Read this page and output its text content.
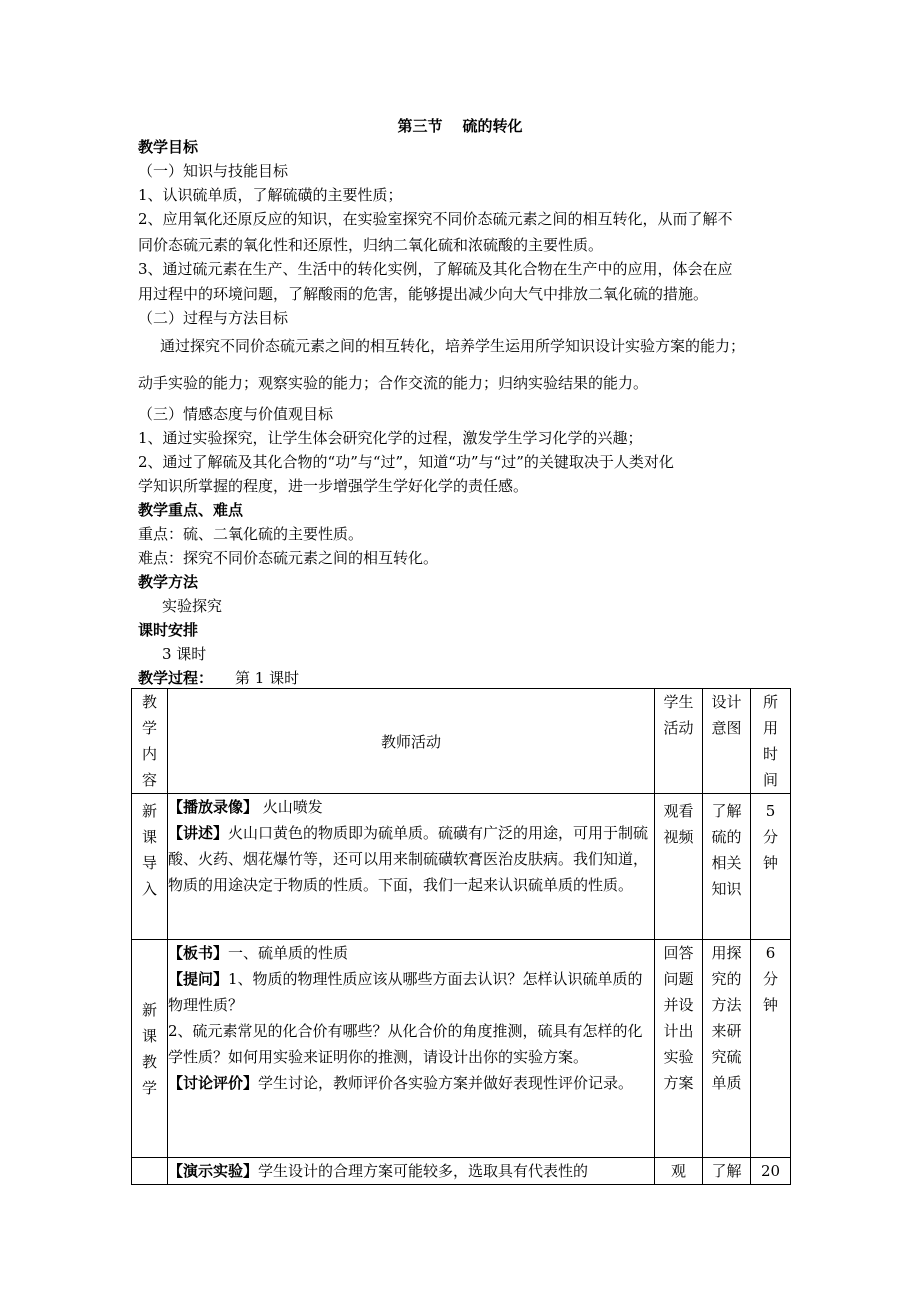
第三节 硫的转化
教学目标
（一）知识与技能目标
1、认识硫单质，了解硫磺的主要性质；
2、应用氧化还原反应的知识，在实验室探究不同价态硫元素之间的相互转化，从而了解不
同价态硫元素的氧化性和还原性，归纳二氧化硫和浓硫酸的主要性质。
3、通过硫元素在生产、生活中的转化实例，了解硫及其化合物在生产中的应用，体会在应
用过程中的环境问题，了解酸雨的危害，能够提出减少向大气中排放二氧化硫的措施。
（二）过程与方法目标
通过探究不同价态硫元素之间的相互转化，培养学生运用所学知识设计实验方案的能力；
动手实验的能力；观察实验的能力；合作交流的能力；归纳实验结果的能力。
（三）情感态度与价值观目标
1、通过实验探究，让学生体会研究化学的过程，激发学生学习化学的兴趣；
2、通过了解硫及其化合物的“功”与“过”，知道“功”与“过”的关键取决于人类对化
学知识所掌握的程度，进一步增强学生学好化学的责任感。
教学重点、难点
重点：硫、二氧化硫的主要性质。
难点：探究不同价态硫元素之间的相互转化。
教学方法
实验探究
课时安排
3 课时
教学过程： 第 1 课时
教学内容	教师活动	学生活动	设计意图	所用时间

新课导入	【播放录像】 火山喷发
【讲述】火山口黄色的物质即为硫单质。硫磺有广泛的用途，可用于制硫酸、火药、烟花爆竹等，还可以用来制硫磺软膏医治皮肤病。我们知道，物质的用途决定于物质的性质。下面，我们一起来认识硫单质的性质。	观看视频	了解硫的相关知识	5分钟

新课教学	【板书】一、硫单质的性质
【提问】1、物质的物理性质应该从哪些方面去认识？怎样认识硫单质的物理性质？
2、硫元素常见的化合价有哪些？从化合价的角度推测，硫具有怎样的化学性质？如何用实验来证明你的推测，请设计出你的实验方案。
【讨论评价】学生讨论，教师评价各实验方案并做好表现性评价记录。	回答问题并设计出实验方案	用探究的方法来研究硫单质	6分钟

	【演示实验】学生设计的合理方案可能较多，选取具有代表性的	观	了解	20
